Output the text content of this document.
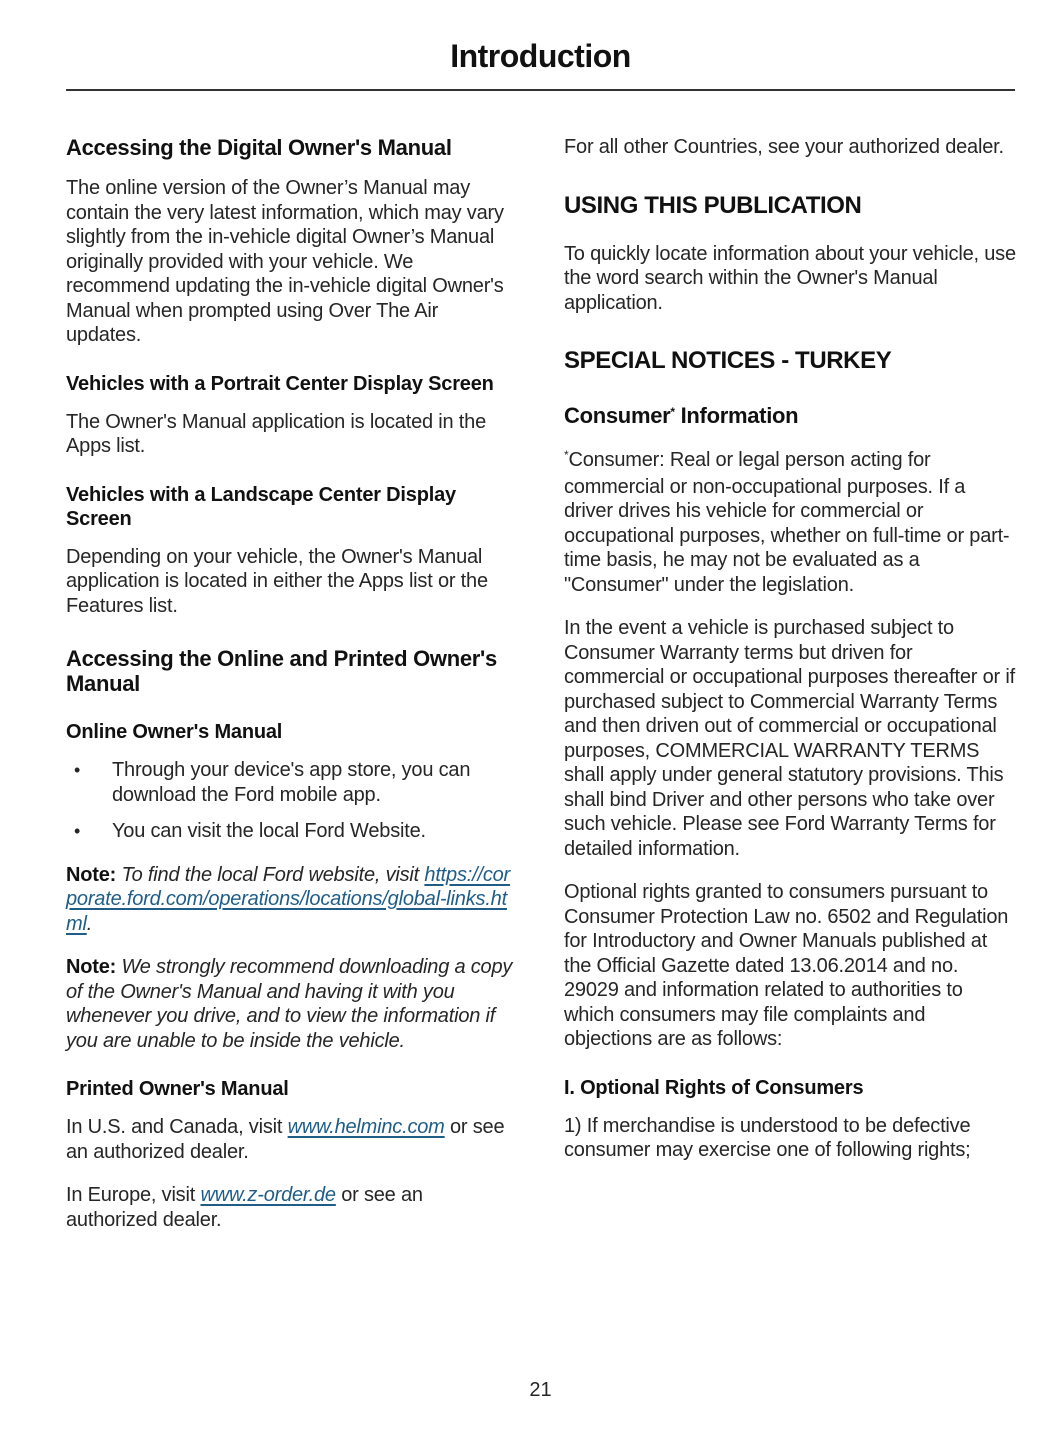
Introduction
Accessing the Digital Owner's Manual

The online version of the Owner’s Manual may contain the very latest information, which may vary slightly from the in-vehicle digital Owner’s Manual originally provided with your vehicle. We recommend updating the in-vehicle digital Owner's Manual when prompted using Over The Air updates.

Vehicles with a Portrait Center Display Screen

The Owner's Manual application is located in the Apps list.

Vehicles with a Landscape Center Display Screen

Depending on your vehicle, the Owner's Manual application is located in either the Apps list or the Features list.

Accessing the Online and Printed Owner's Manual
Online Owner's Manual
• Through your device's app store, you can download the Ford mobile app.
• You can visit the local Ford Website.

Note: To find the local Ford website, visit https://corporate.ford.com/operations/locations/global-links.html.

Note: We strongly recommend downloading a copy of the Owner's Manual and having it with you whenever you drive, and to view the information if you are unable to be inside the vehicle.

Printed Owner's Manual

In U.S. and Canada, visit www.helminc.com or see an authorized dealer.

In Europe, visit www.z-order.de or see an authorized dealer.

For all other Countries, see your authorized dealer.

USING THIS PUBLICATION

To quickly locate information about your vehicle, use the word search within the Owner's Manual application.

SPECIAL NOTICES - TURKEY
Consumer* Information

*Consumer: Real or legal person acting for commercial or non-occupational purposes. If a driver drives his vehicle for commercial or occupational purposes, whether on full-time or part-time basis, he may not be evaluated as a "Consumer" under the legislation.

In the event a vehicle is purchased subject to Consumer Warranty terms but driven for commercial or occupational purposes thereafter or if purchased subject to Commercial Warranty Terms and then driven out of commercial or occupational purposes, COMMERCIAL WARRANTY TERMS shall apply under general statutory provisions. This shall bind Driver and other persons who take over such vehicle. Please see Ford Warranty Terms for detailed information.

Optional rights granted to consumers pursuant to Consumer Protection Law no. 6502 and Regulation for Introductory and Owner Manuals published at the Official Gazette dated 13.06.2014 and no. 29029 and information related to authorities to which consumers may file complaints and objections are as follows:

I. Optional Rights of Consumers

1) If merchandise is understood to be defective consumer may exercise one of following rights;

21
